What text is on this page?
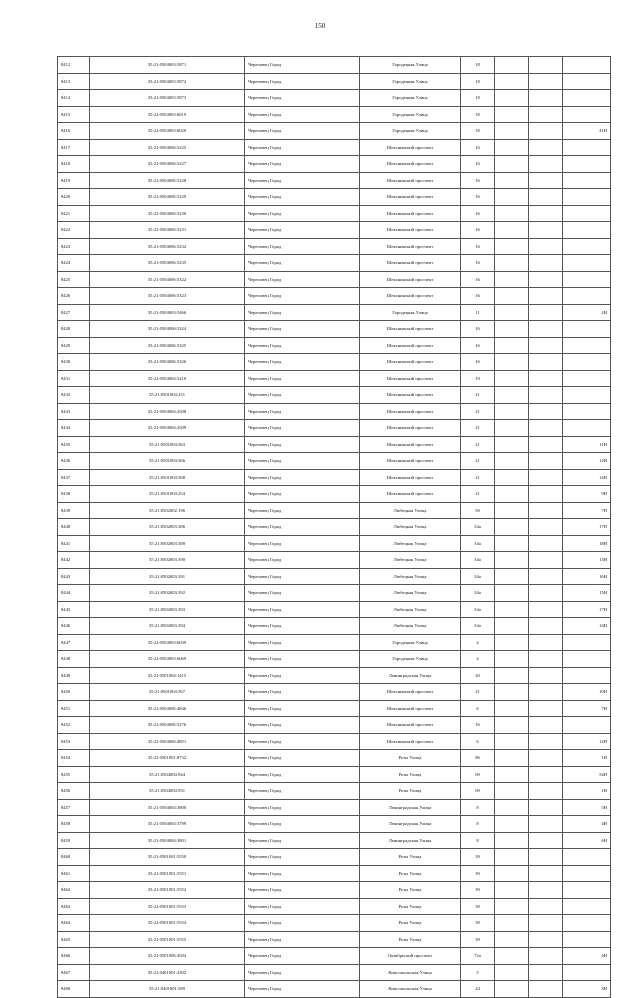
150
8412	35:21:0504003:5871	Череповец Город	Городецкая Улица	18			
8413	35:21:0504003:5872	Череповец Город	Городецкая Улица	18			
8414	35:21:0504003:5873	Череповец Город	Городецкая Улица	18			
8415	35:21:0504003:6019	Череповец Город	Городецкая Улица	18			
8416	35:21:0504003:6020	Череповец Город	Городецкая Улица	18			41Н
8417	35:21:0504006:5225	Череповец Город	Шекснинский проспект	16			
8418	35:21:0504006:5227	Череповец Город	Шекснинский проспект	16			
8419	35:21:0504006:5228	Череповец Город	Шекснинский проспект	16			
8420	35:21:0504006:5229	Череповец Город	Шекснинский проспект	16			
8421	35:21:0504006:5230	Череповец Город	Шекснинский проспект	16			
8422	35:21:0504006:5231	Череповец Город	Шекснинский проспект	16			
8423	35:21:0504006:5232	Череповец Город	Шекснинский проспект	16			
8424	35:21:0504006:5235	Череповец Город	Шекснинский проспект	16			
8425	35:21:0504006:5322	Череповец Город	Шекснинский проспект	16			
8426	35:21:0504006:5323	Череповец Город	Шекснинский проспект	16			
8427	35:21:0504003:5466	Череповец Город	Городецкая Улица	11			2Н
8428	35:21:0504006:5324	Череповец Город	Шекснинский проспект	16			
8429	35:21:0504006:5325	Череповец Город	Шекснинский проспект	16			
8430	35:21:0504006:5326	Череповец Город	Шекснинский проспект	16			
8431	35:21:0504004:5410	Череповец Город	Шекснинский проспект	19			
8432	35:21:0501004:251	Череповец Город	Шекснинский проспект	21			
8433	35:21:0504004:2508	Череповец Город	Шекснинский проспект	21			
8434	35:21:0504004:2509	Череповец Город	Шекснинский проспект	21			
8435	35:21:0501004:563	Череповец Город	Шекснинский проспект	21			11Н
8436	35:21:0501004:566	Череповец Город	Шекснинский проспект	21			12Н
8437	35:21:0501004:568	Череповец Город	Шекснинский проспект	21			14Н
8438	35:21:0501004:254	Череповец Город	Шекснинский проспект	21			9Н
8439	35:21:0502002:196	Череповец Город	Любецкая Улица	50			7Н
8440	35:21:0502003:386	Череповец Город	Любецкая Улица	34а			17Н
8441	35:21:0502003:389	Череповец Город	Любецкая Улица	34а			18Н
8442	35:21:0502003:390	Череповец Город	Любецкая Улица	34а			13Н
8443	35:21:0502003:391	Череповец Город	Любецкая Улица	34а			16Н
8444	35:21:0502003:392	Череповец Город	Любецкая Улица	34а			15Н
8445	35:21:0502003:393	Череповец Город	Любецкая Улица	34а			17Н
8446	35:21:0502003:394	Череповец Город	Любецкая Улица	34а			14Н
8447	35:21:0504003:6039	Череповец Город	Городецкая Улица	4			
8448	35:21:0504003:6069	Череповец Город	Городецкая Улица	4			
8449	35:21:0501004:1415	Череповец Город	Ленинградская Улица	20			
8450	35:21:0501004:567	Череповец Город	Шекснинский проспект	21			10Н
8451	35:21:0504006:4846	Череповец Город	Шекснинский проспект	6			7Н
8452	35:21:0504006:5276	Череповец Город	Шекснинский проспект	16			
8453	35:21:0504006:4851	Череповец Город	Шекснинский проспект	6			12Н
8454	35:21:0501001:8732	Череповец Город	Розы Улица	86			1Н
8455	35:21:0504004:944	Череповец Город	Розы Улица	69			54Н
8456	35:21:0504004:931	Череповец Город	Розы Улица	69			1Н
8457	35:21:0504004:3800	Череповец Город	Ленинградская Улица	8			5Н
8458	35:21:0504004:3799	Череповец Город	Ленинградская Улица	8			4Н
8459	35:21:0504004:3801	Череповец Город	Ленинградская Улица	8			6Н
8460	35:21:0501001:5550	Череповец Город	Розы Улица	39			
8461	35:21:0501001:5551	Череповец Город	Розы Улица	39			
8462	35:21:0501001:5552	Череповец Город	Розы Улица	39			
8463	35:21:0501001:5553	Череповец Город	Розы Улица	39			
8464	35:21:0501001:5554	Череповец Город	Розы Улица	39			
8465	35:21:0501001:5555	Череповец Город	Розы Улица	39			
8466	35:21:0501006:4504	Череповец Город	Октябрьский проспект	72а			4Н
8467	35:21:0401001:2302	Череповец Город	Комсомольская Улица	5			
8468	35:21:0401001:589	Череповец Город	Комсомольская Улица	24			3Н
